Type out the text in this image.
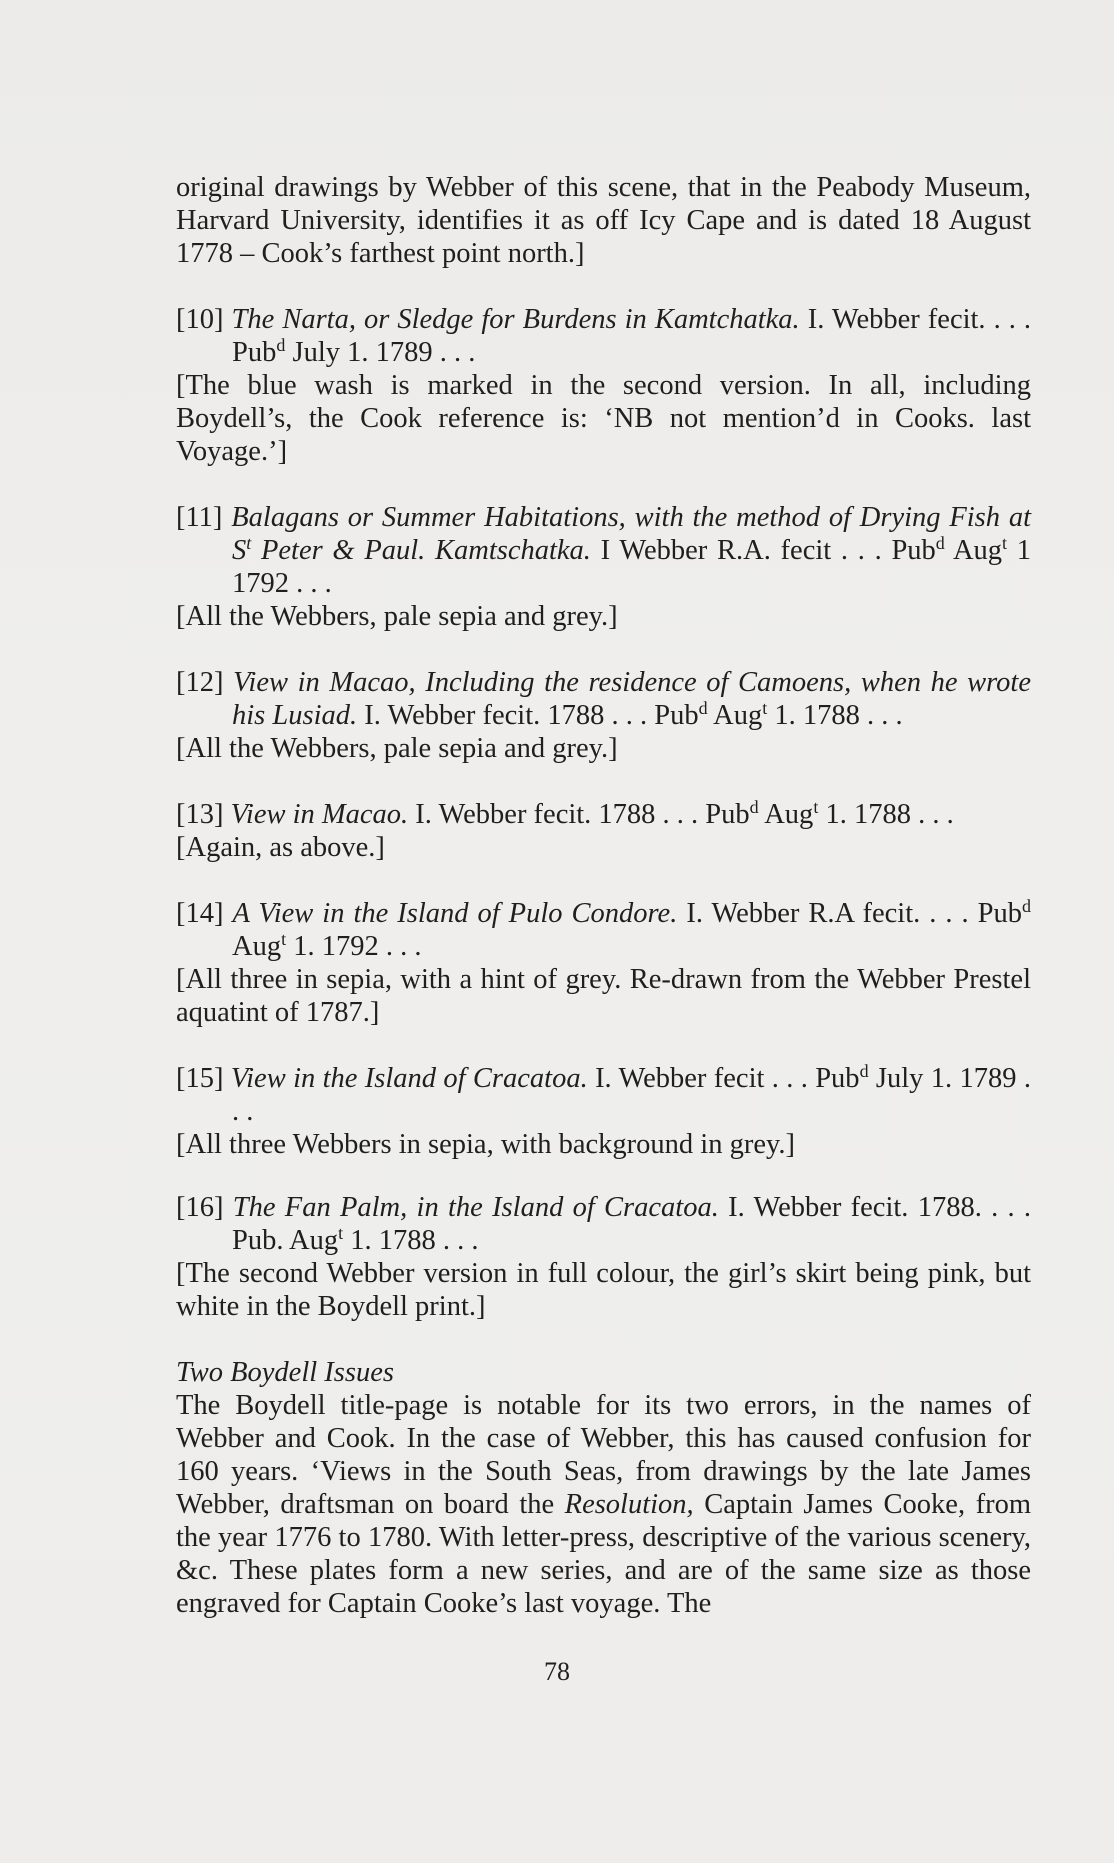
original drawings by Webber of this scene, that in the Peabody Museum, Harvard University, identifies it as off Icy Cape and is dated 18 August 1778 – Cook’s farthest point north.]

[10] The Narta, or Sledge for Burdens in Kamtchatka. I. Webber fecit. . . . Pub$^d$ July 1. 1789 . . .

[The blue wash is marked in the second version. In all, including Boydell’s, the Cook reference is: ‘NB not mention’d in Cooks. last Voyage.’]

[11] Balagans or Summer Habitations, with the method of Drying Fish at $S^t$ Peter & Paul. Kamtschatka. I Webber R.A. fecit . . . Pub$^d$ Aug$^t$ 1 1792 . . .

[All the Webbers, pale sepia and grey.]

[12] View in Macao, Including the residence of Camoens, when he wrote his Lusiad. I. Webber fecit. 1788 . . . Pub$^d$ Aug$^t$ 1. 1788 . . .

[All the Webbers, pale sepia and grey.]

[13] View in Macao. I. Webber fecit. 1788 . . . Pub$^d$ Aug$^t$ 1. 1788 . . .

[Again, as above.]

[14] A View in the Island of Pulo Condore. I. Webber R.A fecit. . . . Pub$^d$ Aug$^t$ 1. 1792 . . .

[All three in sepia, with a hint of grey. Re-drawn from the Webber Prestel aquatint of 1787.]

[15] View in the Island of Cracatoa. I. Webber fecit . . . Pub$^d$ July 1. 1789 . . .

[All three Webbers in sepia, with background in grey.]

[16] The Fan Palm, in the Island of Cracatoa. I. Webber fecit. 1788. . . . Pub. Aug$^t$ 1. 1788 . . .

[The second Webber version in full colour, the girl’s skirt being pink, but white in the Boydell print.]

Two Boydell Issues

The Boydell title-page is notable for its two errors, in the names of Webber and Cook. In the case of Webber, this has caused confusion for 160 years. ‘Views in the South Seas, from drawings by the late James Webber, draftsman on board the Resolution, Captain James Cooke, from the year 1776 to 1780. With letter-press, descriptive of the various scenery, &c. These plates form a new series, and are of the same size as those engraved for Captain Cooke’s last voyage. The

78
